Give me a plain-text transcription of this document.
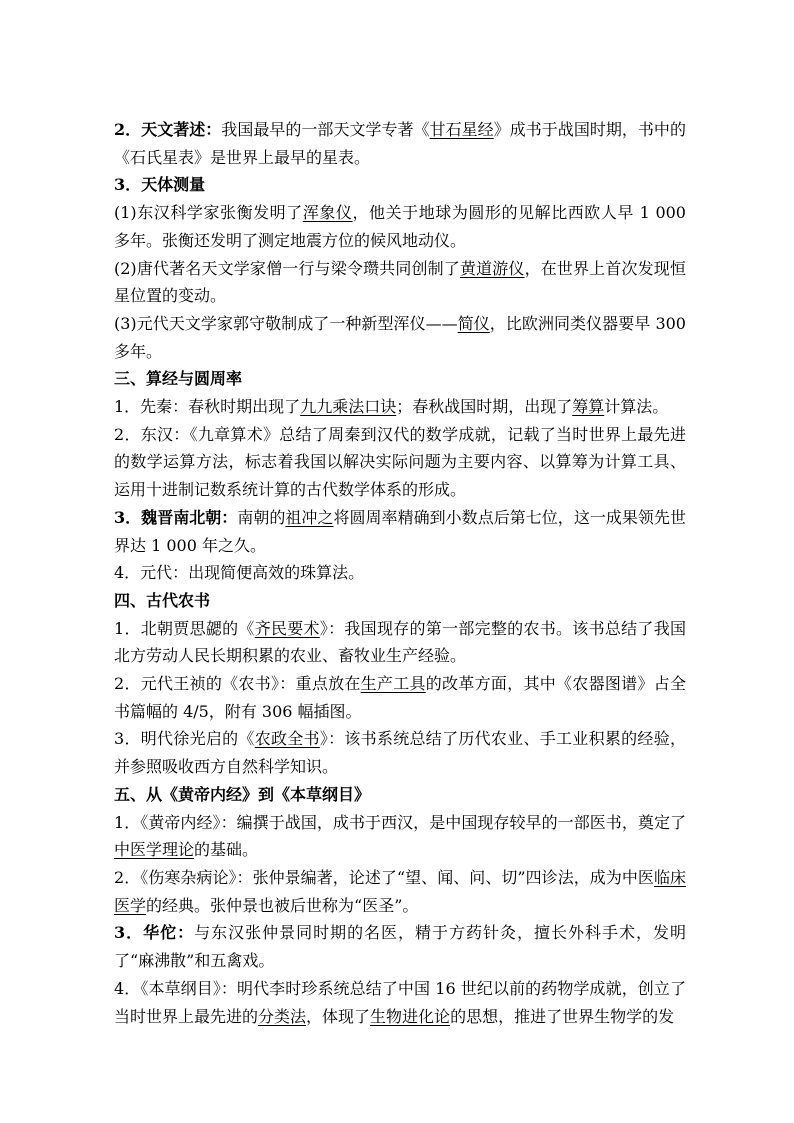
2．天文著述：我国最早的一部天文学专著《甘石星经》成书于战国时期，书中的《石氏星表》是世界上最早的星表。

3．天体测量

(1)东汉科学家张衡发明了浑象仪，他关于地球为圆形的见解比西欧人早 1 000 多年。张衡还发明了测定地震方位的候风地动仪。

(2)唐代著名天文学家僧一行与梁令瓒共同创制了黄道游仪，在世界上首次发现恒星位置的变动。

(3)元代天文学家郭守敬制成了一种新型浑仪——简仪，比欧洲同类仪器要早 300 多年。

三、算经与圆周率

1．先秦：春秋时期出现了九九乘法口诀；春秋战国时期，出现了筹算计算法。

2．东汉：《九章算术》总结了周秦到汉代的数学成就，记载了当时世界上最先进的数学运算方法，标志着我国以解决实际问题为主要内容、以算筹为计算工具、运用十进制记数系统计算的古代数学体系的形成。

3．魏晋南北朝：南朝的祖冲之将圆周率精确到小数点后第七位，这一成果领先世界达 1 000 年之久。

4．元代：出现简便高效的珠算法。

四、古代农书

1．北朝贾思勰的《齐民要术》：我国现存的第一部完整的农书。该书总结了我国北方劳动人民长期积累的农业、畜牧业生产经验。

2．元代王祯的《农书》：重点放在生产工具的改革方面，其中《农器图谱》占全书篇幅的 4/5，附有 306 幅插图。

3．明代徐光启的《农政全书》：该书系统总结了历代农业、手工业积累的经验，并参照吸收西方自然科学知识。

五、从《黄帝内经》到《本草纲目》

1．《黄帝内经》：编撰于战国，成书于西汉，是中国现存较早的一部医书，奠定了中医学理论的基础。

2．《伤寒杂病论》：张仲景编著，论述了“望、闻、问、切”四诊法，成为中医临床医学的经典。张仲景也被后世称为“医圣”。

3．华佗：与东汉张仲景同时期的名医，精于方药针灸，擅长外科手术，发明了“麻沸散”和五禽戏。

4．《本草纲目》：明代李时珍系统总结了中国 16 世纪以前的药物学成就，创立了当时世界上最先进的分类法，体现了生物进化论的思想，推进了世界生物学的发
